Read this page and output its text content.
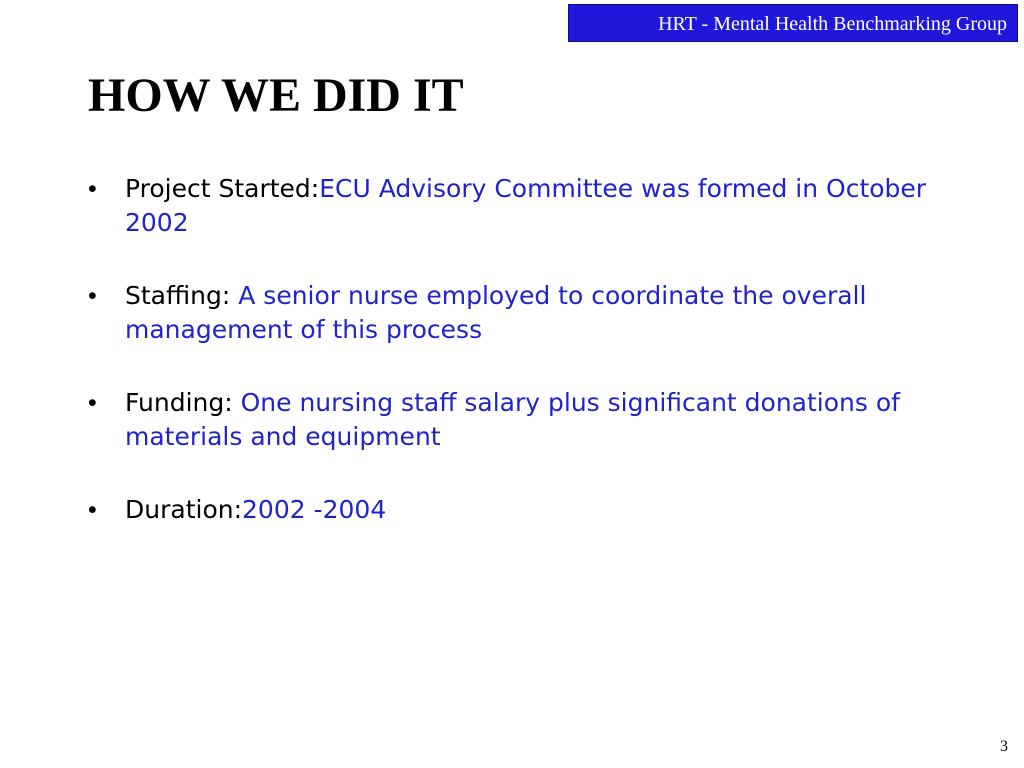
HRT - Mental Health Benchmarking Group
HOW WE DID IT
• Project Started:ECU Advisory Committee was formed in October 2002
• Staffing: A senior nurse employed to coordinate the overall management of this process
• Funding: One nursing staff salary plus significant donations of materials and equipment
• Duration:2002 -2004
3
